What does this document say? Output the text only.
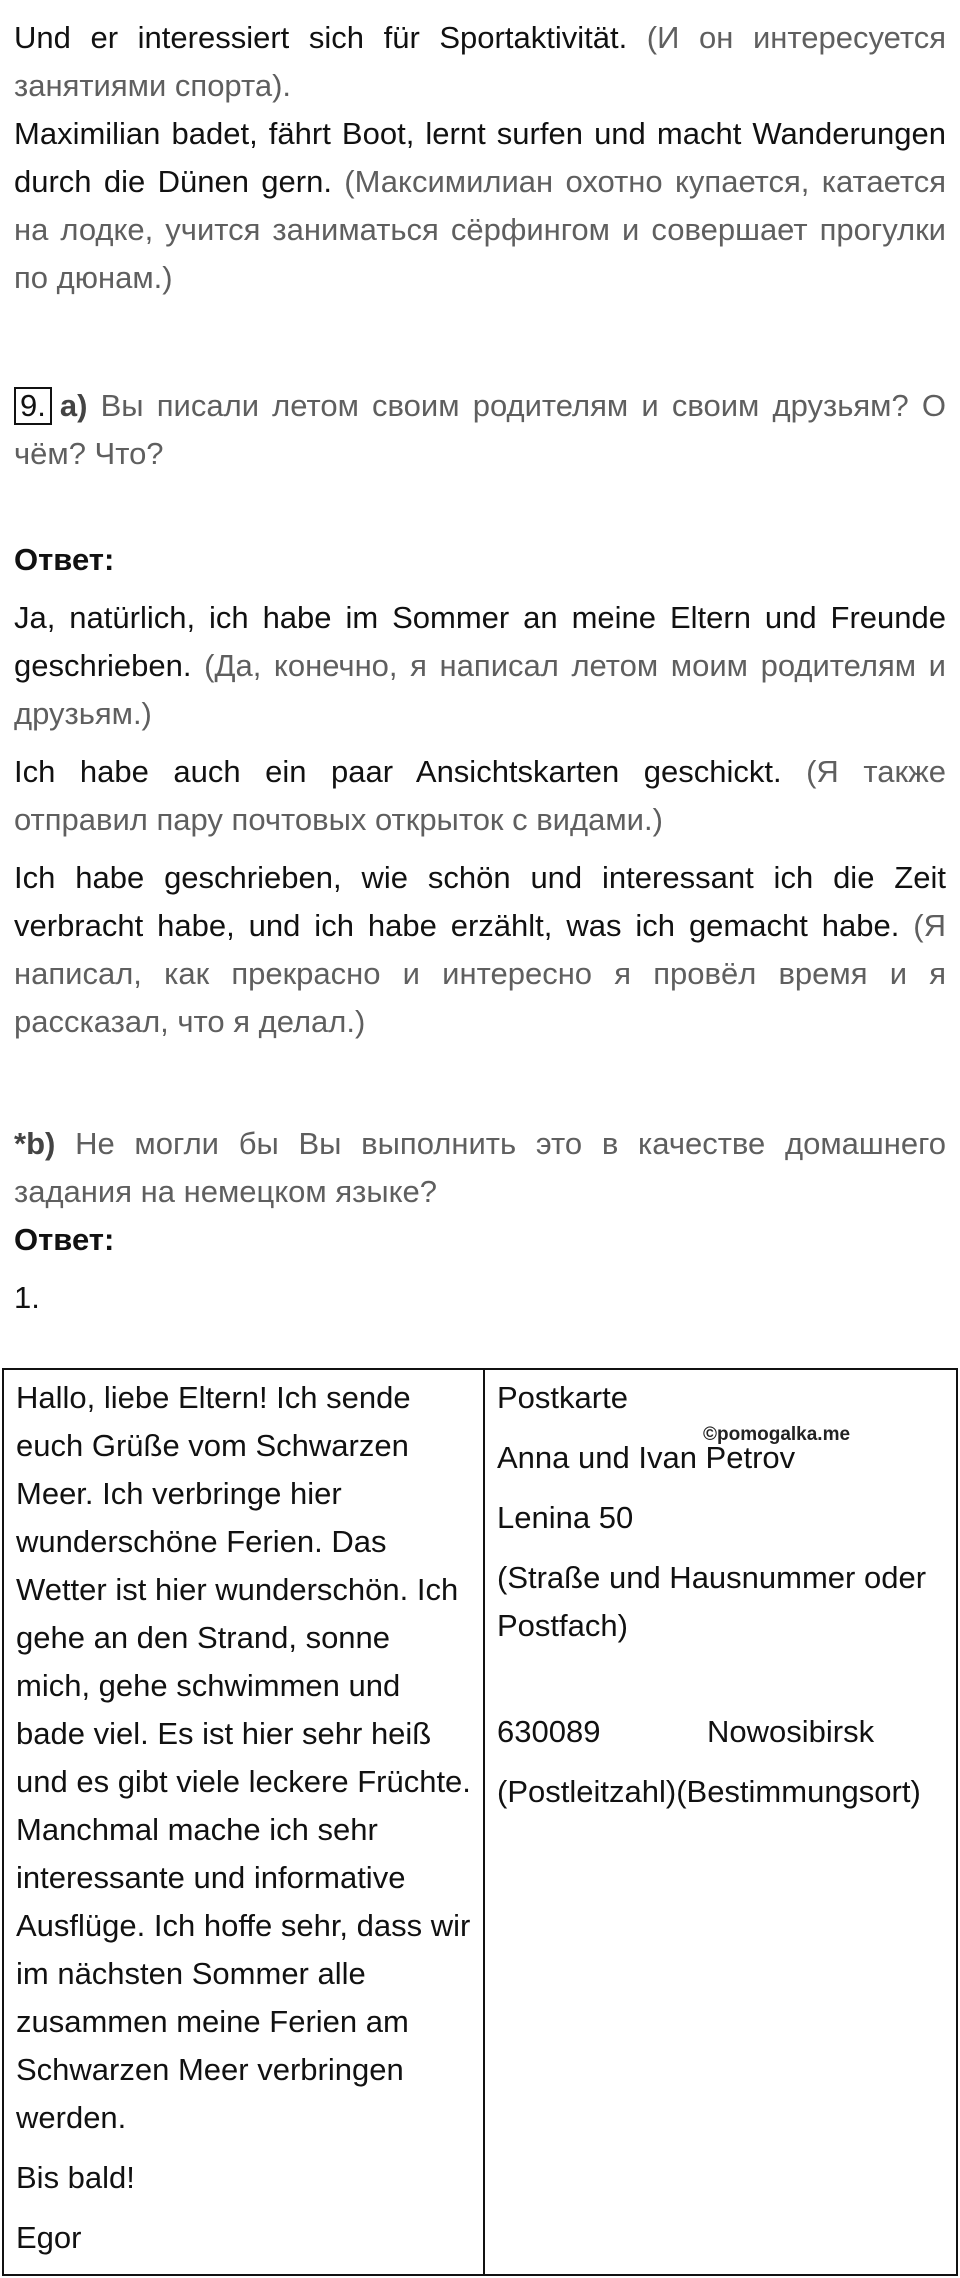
Und er interessiert sich für Sportaktivität. (И он интересуется занятиями спорта).

Maximilian badet, fährt Boot, lernt surfen und macht Wanderungen durch die Dünen gern. (Максимилиан охотно купается, катается на лодке, учится заниматься сёрфингом и совершает прогулки по дюнам.)

9. a) Вы писали летом своим родителям и своим друзьям? О чём? Что?

Ответ:

Ja, natürlich, ich habe im Sommer an meine Eltern und Freunde geschrieben. (Да, конечно, я написал летом моим родителям и друзьям.)

Ich habe auch ein paar Ansichtskarten geschickt. (Я также отправил пару почтовых открыток с видами.)

Ich habe geschrieben, wie schön und interessant ich die Zeit verbracht habe, und ich habe erzählt, was ich gemacht habe. (Я написал, как прекрасно и интересно я провёл время и я рассказал, что я делал.)

*b) Не могли бы Вы выполнить это в качестве домашнего задания на немецком языке?

Ответ:

1.

Hallo, liebe Eltern! Ich sende euch Grüße vom Schwarzen Meer. Ich verbringe hier wunderschöne Ferien. Das Wetter ist hier wunderschön. Ich gehe an den Strand, sonne mich, gehe schwimmen und bade viel. Es ist hier sehr heiß und es gibt viele leckere Früchte. Manchmal mache ich sehr interessante und informative Ausflüge. Ich hoffe sehr, dass wir im nächsten Sommer alle zusammen meine Ferien am Schwarzen Meer verbringen werden.

Bis bald!

Egor

©pomogalka.me

Postkarte

Anna und Ivan Petrov

Lenina 50

(Straße und Hausnummer oder Postfach)

630089	Nowosibirsk
(Postleitzahl) (Bestimmungsort)
